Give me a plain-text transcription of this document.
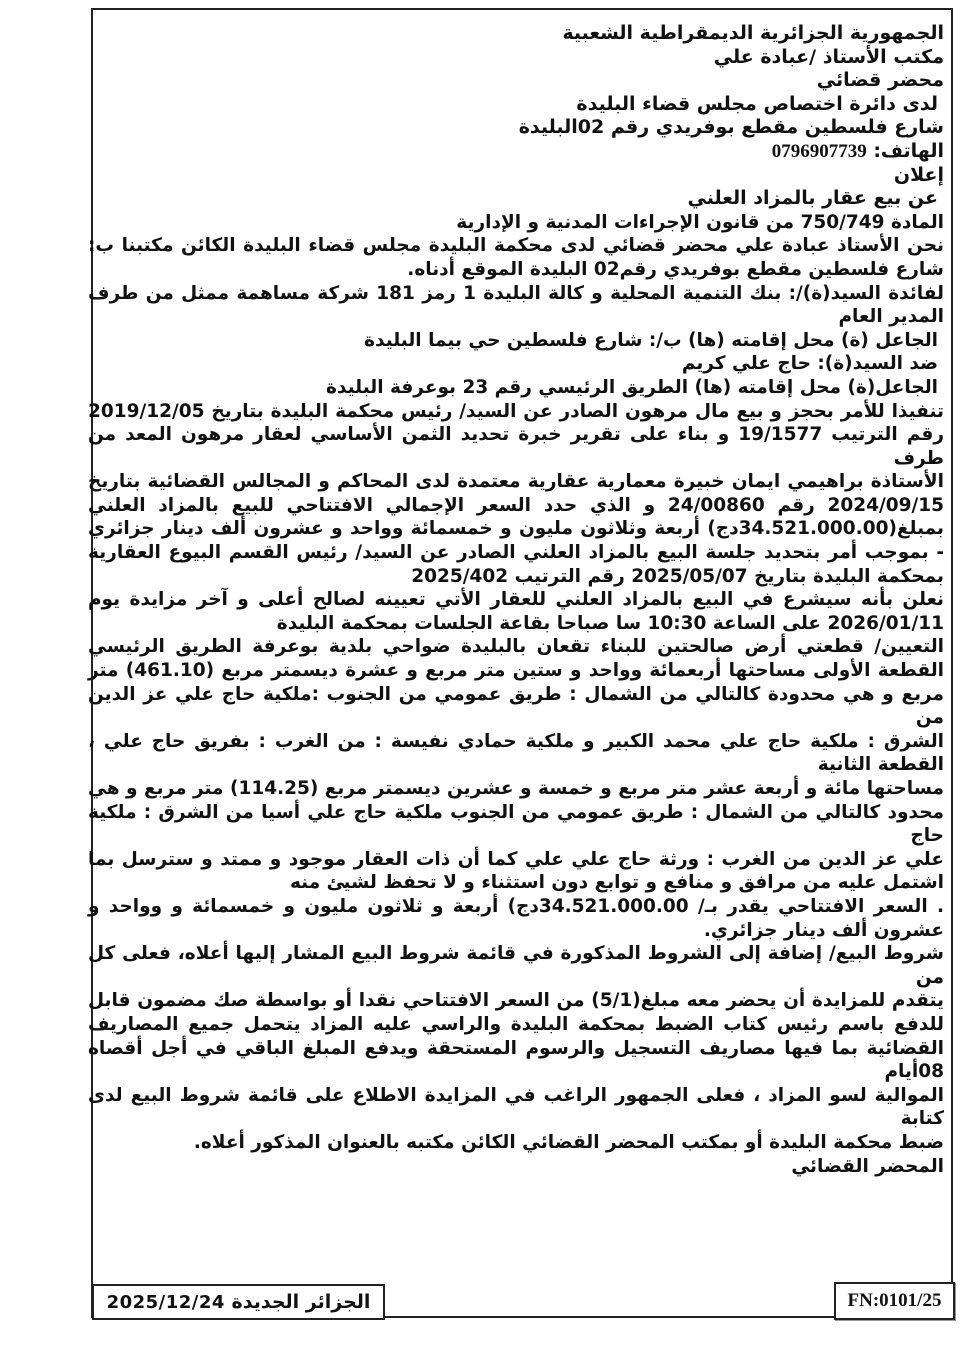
الجمهورية الجزائرية الديمقراطية الشعبية
مكتب الأستاذ /عبادة علي
محضر قضائي
لدى دائرة اختصاص مجلس قضاء البليدة
شارع فلسطين مقطع بوفريدي رقم 02البليدة
الهاتف: 0796907739
إعلان
عن بيع عقار بالمزاد العلني
المادة 750/749 من قانون الإجراءات المدنية و الإدارية
نحن الأستاذ عبادة علي محضر قضائي لدى محكمة البليدة مجلس قضاء البليدة الكائن مكتبنا ب:
شارع فلسطين مقطع بوفريدي رقم02 البليدة الموقع أدناه.
لفائدة السيد(ة)/: بنك التنمية المحلية و كالة البليدة 1 رمز 181 شركة مساهمة ممثل من طرف
المدير العام
الجاعل (ة) محل إقامته (ها) ب/: شارع فلسطين حي بيما البليدة
ضد السيد(ة): حاج علي كريم
الجاعل(ة) محل إقامته (ها) الطريق الرئيسي رقم 23 بوعرفة البليدة
تنفيذا للأمر بحجز و بيع مال مرهون الصادر عن السيد/ رئيس محكمة البليدة بتاريخ 2019/12/05
رقم الترتيب 19/1577 و بناء على تقرير خبرة تحديد الثمن الأساسي لعقار مرهون المعد من طرف
الأستاذة براهيمي ايمان خبيرة معمارية عقارية معتمدة لدى المحاكم و المجالس القضائية بتاريخ
2024/09/15 رقم 24/00860 و الذي حدد السعر الإجمالي الافتتاحي للبيع بالمزاد العلني
بمبلغ(34.521.000.00دج) أربعة وثلاثون مليون و خمسمائة وواحد و عشرون ألف دينار جزائري
- بموجب أمر بتحديد جلسة البيع بالمزاد العلني الصادر عن السيد/ رئيس القسم البيوع العقارية
بمحكمة البليدة بتاريخ 2025/05/07 رقم الترتيب 2025/402
نعلن بأنه سيشرع في البيع بالمزاد العلني للعقار الأتي تعيينه لصالح أعلى و آخر مزايدة يوم
2026/01/11 على الساعة 10:30 سا صباحا بقاعة الجلسات بمحكمة البليدة
التعيين/ قطعتي أرض صالحتين للبناء تقعان بالبليدة ضواحي بلدية بوعرفة الطريق الرئيسي
القطعة الأولى مساحتها أربعمائة وواحد و ستين متر مربع و عشرة ديسمتر مربع (461.10) متر
مربع و هي محدودة كالتالي من الشمال : طريق عمومي من الجنوب :ملكية حاج علي عز الدين من
الشرق : ملكية حاج علي محمد الكبير و ملكية حمادي نفيسة : من الغرب : بفريق حاج علي ،
القطعة الثانية
مساحتها مائة و أربعة عشر متر مربع و خمسة و عشرين ديسمتر مربع (114.25) متر مربع و هي
محدود كالتالي من الشمال : طريق عمومي من الجنوب ملكية حاج علي أسيا من الشرق : ملكية حاج
علي عز الدين من الغرب : ورثة حاج علي علي كما أن ذات العقار موجود و ممتد و سترسل بما
اشتمل عليه من مرافق و منافع و توابع دون استثناء و لا تحفظ لشيئ منه
. السعر الافتتاحي يقدر بـ/ 34.521.000.00دج) أربعة و ثلاثون مليون و خمسمائة و وواحد و
عشرون ألف دينار جزائري.
شروط البيع/ إضافة إلى الشروط المذكورة في قائمة شروط البيع المشار إليها أعلاه، فعلى كل من
يتقدم للمزايدة أن يحضر معه مبلغ(5/1) من السعر الافتتاحي نقدا أو بواسطة صك مضمون قابل
للدفع باسم رئيس كتاب الضبط بمحكمة البليدة والراسي عليه المزاد يتحمل جميع المصاريف
القضائية بما فيها مصاريف التسجيل والرسوم المستحقة ويدفع المبلغ الباقي في أجل أقصاه 08أيام
الموالية لسو المزاد ، فعلى الجمهور الراغب في المزايدة الاطلاع على قائمة شروط البيع لدى كتابة
ضبط محكمة البليدة أو بمكتب المحضر القضائي الكائن مكتبه بالعنوان المذكور أعلاه.
المحضر القضائي
الجزائر الجديدة

2025/12/24	FN:0101/25
